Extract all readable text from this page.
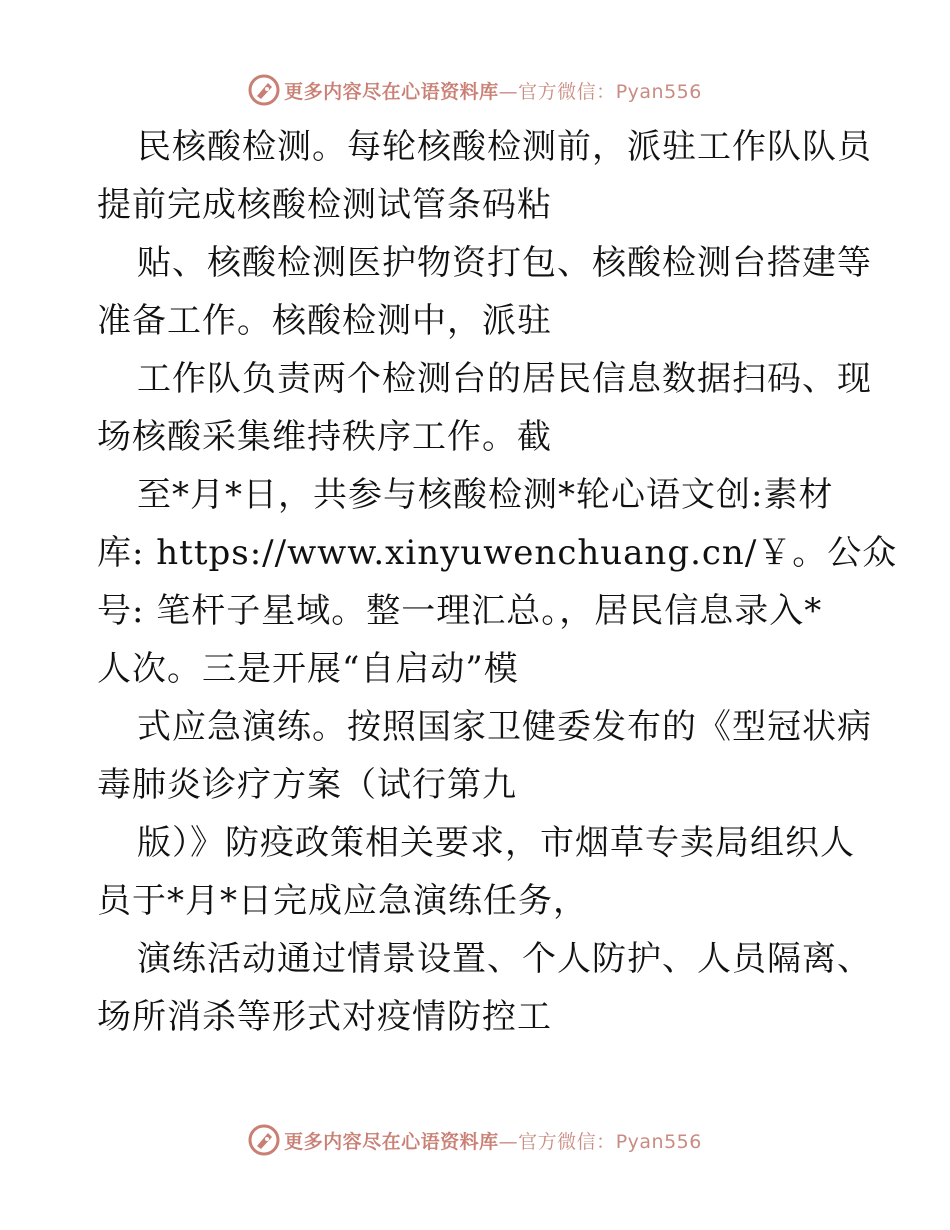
更多内容尽在心语资料库—官方微信：Pyan556
民核酸检测。每轮核酸检测前，派驻工作队队员
提前完成核酸检测试管条码粘
贴、核酸检测医护物资打包、核酸检测台搭建等
准备工作。核酸检测中，派驻
工作队负责两个检测台的居民信息数据扫码、现
场核酸采集维持秩序工作。截
至*月*日，共参与核酸检测*轮心语文创:素材
库: https://www.xinyuwenchuang.cn/￥。公众
号: 笔杆子星域。整一理汇总。，居民信息录入*
人次。三是开展“自启动”模
式应急演练。按照国家卫健委发布的《型冠状病
毒肺炎诊疗方案（试行第九
版）》防疫政策相关要求，市烟草专卖局组织人
员于*月*日完成应急演练任务，
演练活动通过情景设置、个人防护、人员隔离、
场所消杀等形式对疫情防控工
更多内容尽在心语资料库—官方微信：Pyan556
